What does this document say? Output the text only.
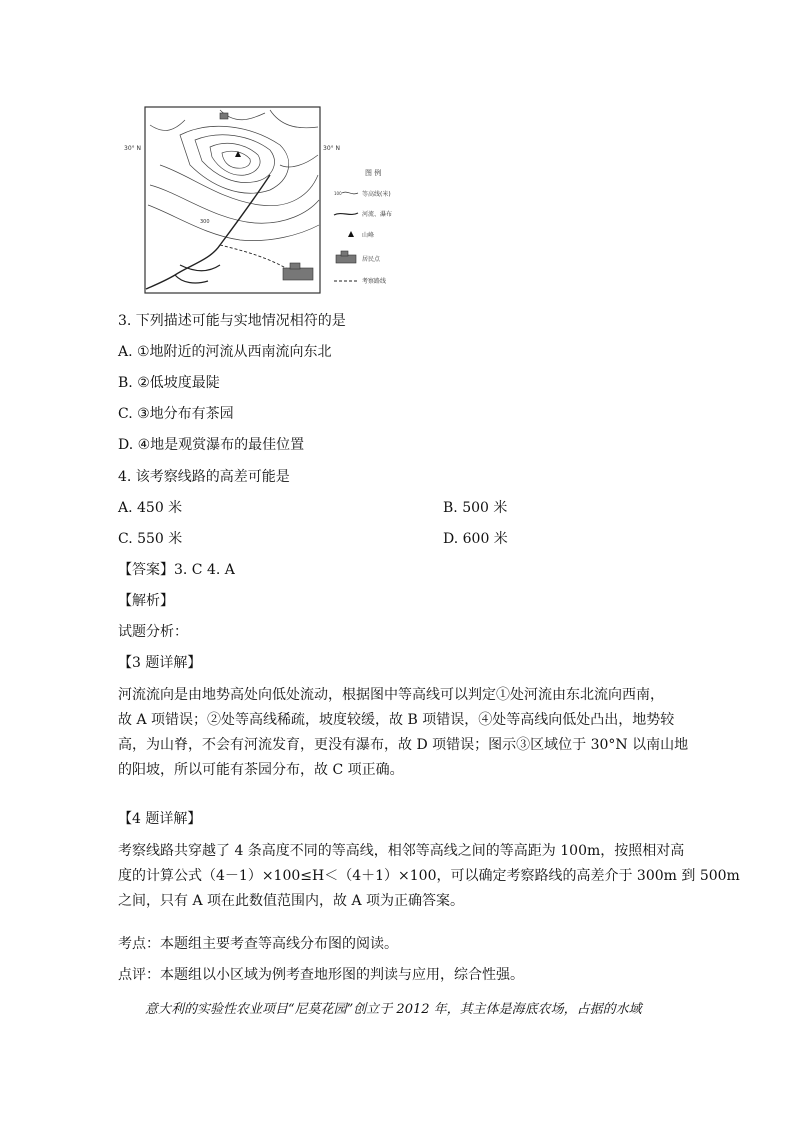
30° N	30° N
300
图 例
100	等高线(米)
河流、瀑布
山峰
居民点
考察路线
3. 下列描述可能与实地情况相符的是
A. ①地附近的河流从西南流向东北
B. ②低坡度最陡
C. ③地分布有茶园
D. ④地是观赏瀑布的最佳位置
4. 该考察线路的高差可能是
A. 450 米	B. 500 米
C. 550 米	D. 600 米
【答案】3. C 4. A
【解析】
试题分析：
【3 题详解】
河流流向是由地势高处向低处流动，根据图中等高线可以判定①处河流由东北流向西南，
故 A 项错误；②处等高线稀疏，坡度较缓，故 B 项错误，④处等高线向低处凸出，地势较
高，为山脊，不会有河流发育，更没有瀑布，故 D 项错误；图示③区域位于 30°N 以南山地
的阳坡，所以可能有茶园分布，故 C 项正确。
【4 题详解】
考察线路共穿越了 4 条高度不同的等高线，相邻等高线之间的等高距为 100m，按照相对高
度的计算公式（4－1）×100≤H＜（4＋1）×100，可以确定考察路线的高差介于 300m 到 500m
之间，只有 A 项在此数值范围内，故 A 项为正确答案。
考点：本题组主要考查等高线分布图的阅读。
点评：本题组以小区域为例考查地形图的判读与应用，综合性强。
意大利的实验性农业项目“尼莫花园”创立于 2012 年，其主体是海底农场，占据的水域
